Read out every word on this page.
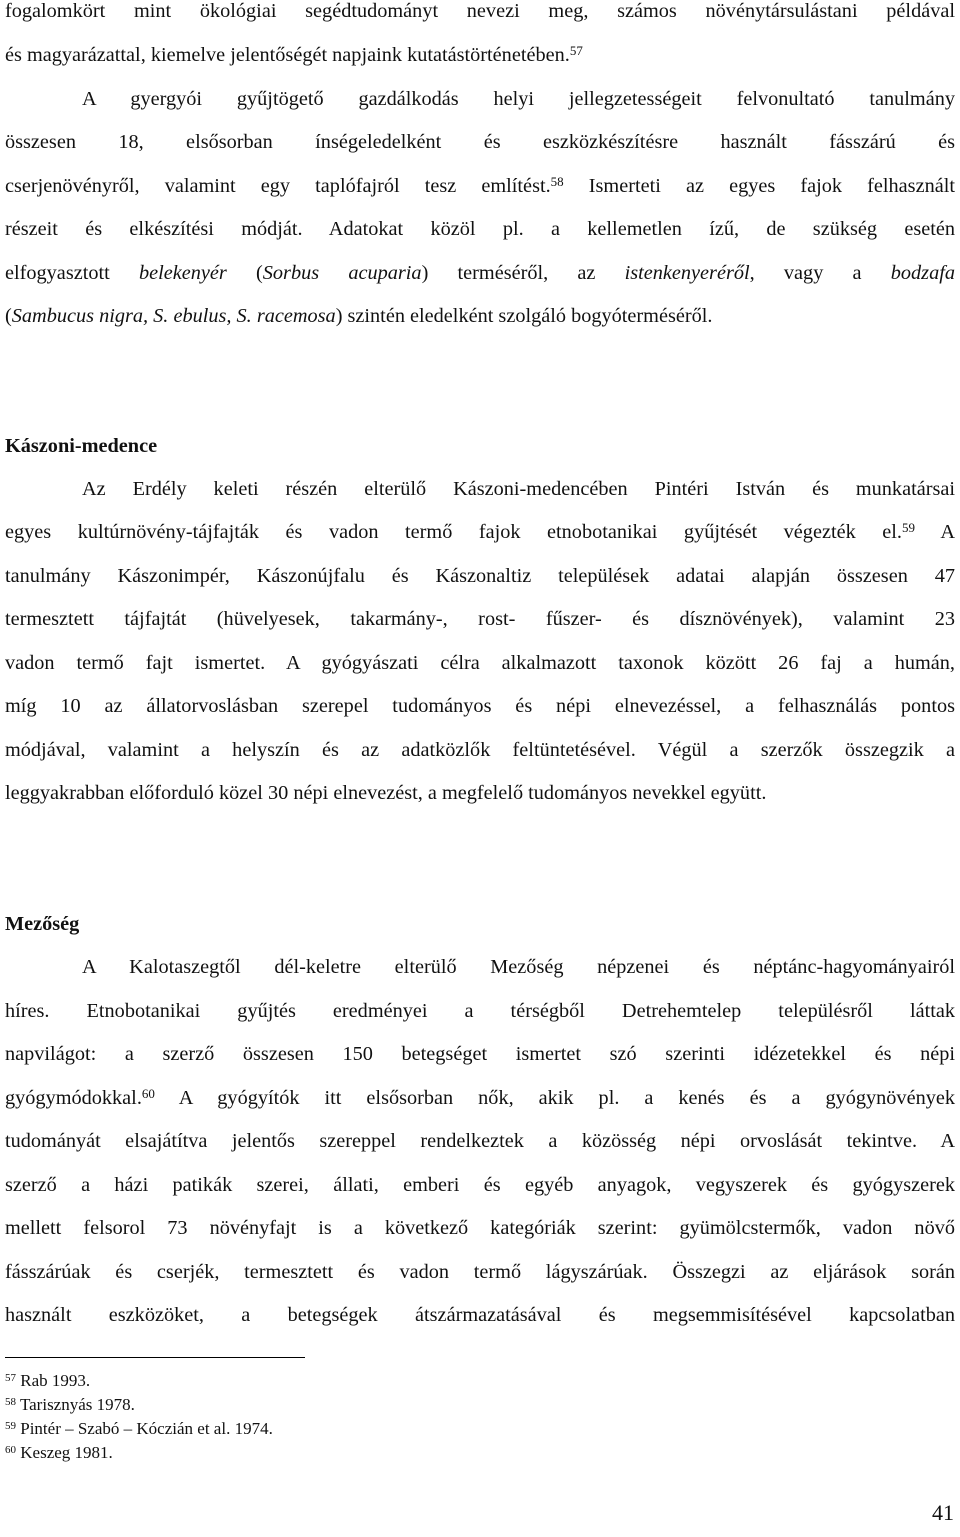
fogalomkört mint ökológiai segédtudományt nevezi meg, számos növénytársulástani példával
és magyarázattal, kiemelve jelentőségét napjaink kutatástörténetében.$^{57}$
A gyergyói gyűjtögető gazdálkodás helyi jellegzetességeit felvonultató tanulmány
összesen 18, elsősorban ínségeledelként és eszközkészítésre használt fásszárú és
cserjenövényről, valamint egy taplófajról tesz említést.$^{58}$ Ismerteti az egyes fajok felhasznált
részeit és elkészítési módját. Adatokat közöl pl. a kellemetlen ízű, de szükség esetén
elfogyasztott belekenyér (Sorbus acuparia) terméséről, az istenkenyeréről, vagy a bodzafa
(Sambucus nigra, S. ebulus, S. racemosa) szintén eledelként szolgáló bogyóterméséről.
Kászoni-medence
Az Erdély keleti részén elterülő Kászoni-medencében Pintéri István és munkatársai
egyes kultúrnövény-tájfajták és vadon termő fajok etnobotanikai gyűjtését végezték el.$^{59}$ A
tanulmány Kászonimpér, Kászonújfalu és Kászonaltiz települések adatai alapján összesen 47
termesztett tájfajtát (hüvelyesek, takarmány-, rost- fűszer- és dísznövények), valamint 23
vadon termő fajt ismertet. A gyógyászati célra alkalmazott taxonok között 26 faj a humán,
míg 10 az állatorvoslásban szerepel tudományos és népi elnevezéssel, a felhasználás pontos
módjával, valamint a helyszín és az adatközlők feltüntetésével. Végül a szerzők összegzik a
leggyakrabban előforduló közel 30 népi elnevezést, a megfelelő tudományos nevekkel együtt.
Mezőség
A Kalotaszegtől dél-keletre elterülő Mezőség népzenei és néptánc-hagyományairól
híres. Etnobotanikai gyűjtés eredményei a térségből Detrehemtelep településről láttak
napvilágot: a szerző összesen 150 betegséget ismertet szó szerinti idézetekkel és népi
gyógymódokkal.$^{60}$ A gyógyítók itt elsősorban nők, akik pl. a kenés és a gyógynövények
tudományát elsajátítva jelentős szereppel rendelkeztek a közösség népi orvoslását tekintve. A
szerző a házi patikák szerei, állati, emberi és egyéb anyagok, vegyszerek és gyógyszerek
mellett felsorol 73 növényfajt is a következő kategóriák szerint: gyümölcstermők, vadon növő
fásszárúak és cserjék, termesztett és vadon termő lágyszárúak. Összegzi az eljárások során
használt eszközöket, a betegségek átszármazatásával és megsemmisítésével kapcsolatban
$^{57}$ Rab 1993.
$^{58}$ Tarisznyás 1978.
$^{59}$ Pintér – Szabó – Kóczián et al. 1974.
$^{60}$ Keszeg 1981.
41
